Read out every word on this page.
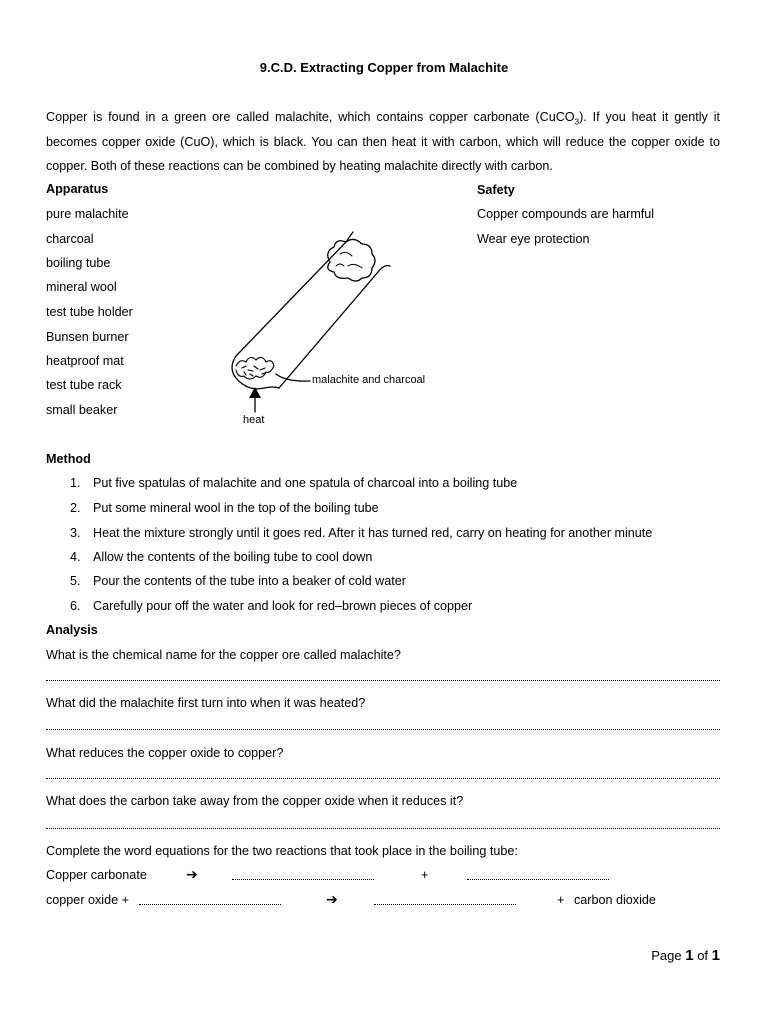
9.C.D. Extracting Copper from Malachite
Copper is found in a green ore called malachite, which contains copper carbonate (CuCO$_3$). If you heat it gently it becomes copper oxide (CuO), which is black. You can then heat it with carbon, which will reduce the copper oxide to copper. Both of these reactions can be combined by heating malachite directly with carbon.
Apparatus
pure malachite
charcoal
boiling tube
mineral wool
test tube holder
Bunsen burner
heatproof mat
test tube rack
small beaker
Safety
Copper compounds are harmful
Wear eye protection
malachite and charcoal
heat
Method
1. Put five spatulas of malachite and one spatula of charcoal into a boiling tube
2. Put some mineral wool in the top of the boiling tube
3. Heat the mixture strongly until it goes red. After it has turned red, carry on heating for another minute
4. Allow the contents of the boiling tube to cool down
5. Pour the contents of the tube into a beaker of cold water
6. Carefully pour off the water and look for red–brown pieces of copper
Analysis
What is the chemical name for the copper ore called malachite?
What did the malachite first turn into when it was heated?
What reduces the copper oxide to copper?
What does the carbon take away from the copper oxide when it reduces it?
Complete the word equations for the two reactions that took place in the boiling tube:
Copper carbonate	➔	+
copper oxide +	➔	+ carbon dioxide
Page 1 of 1
